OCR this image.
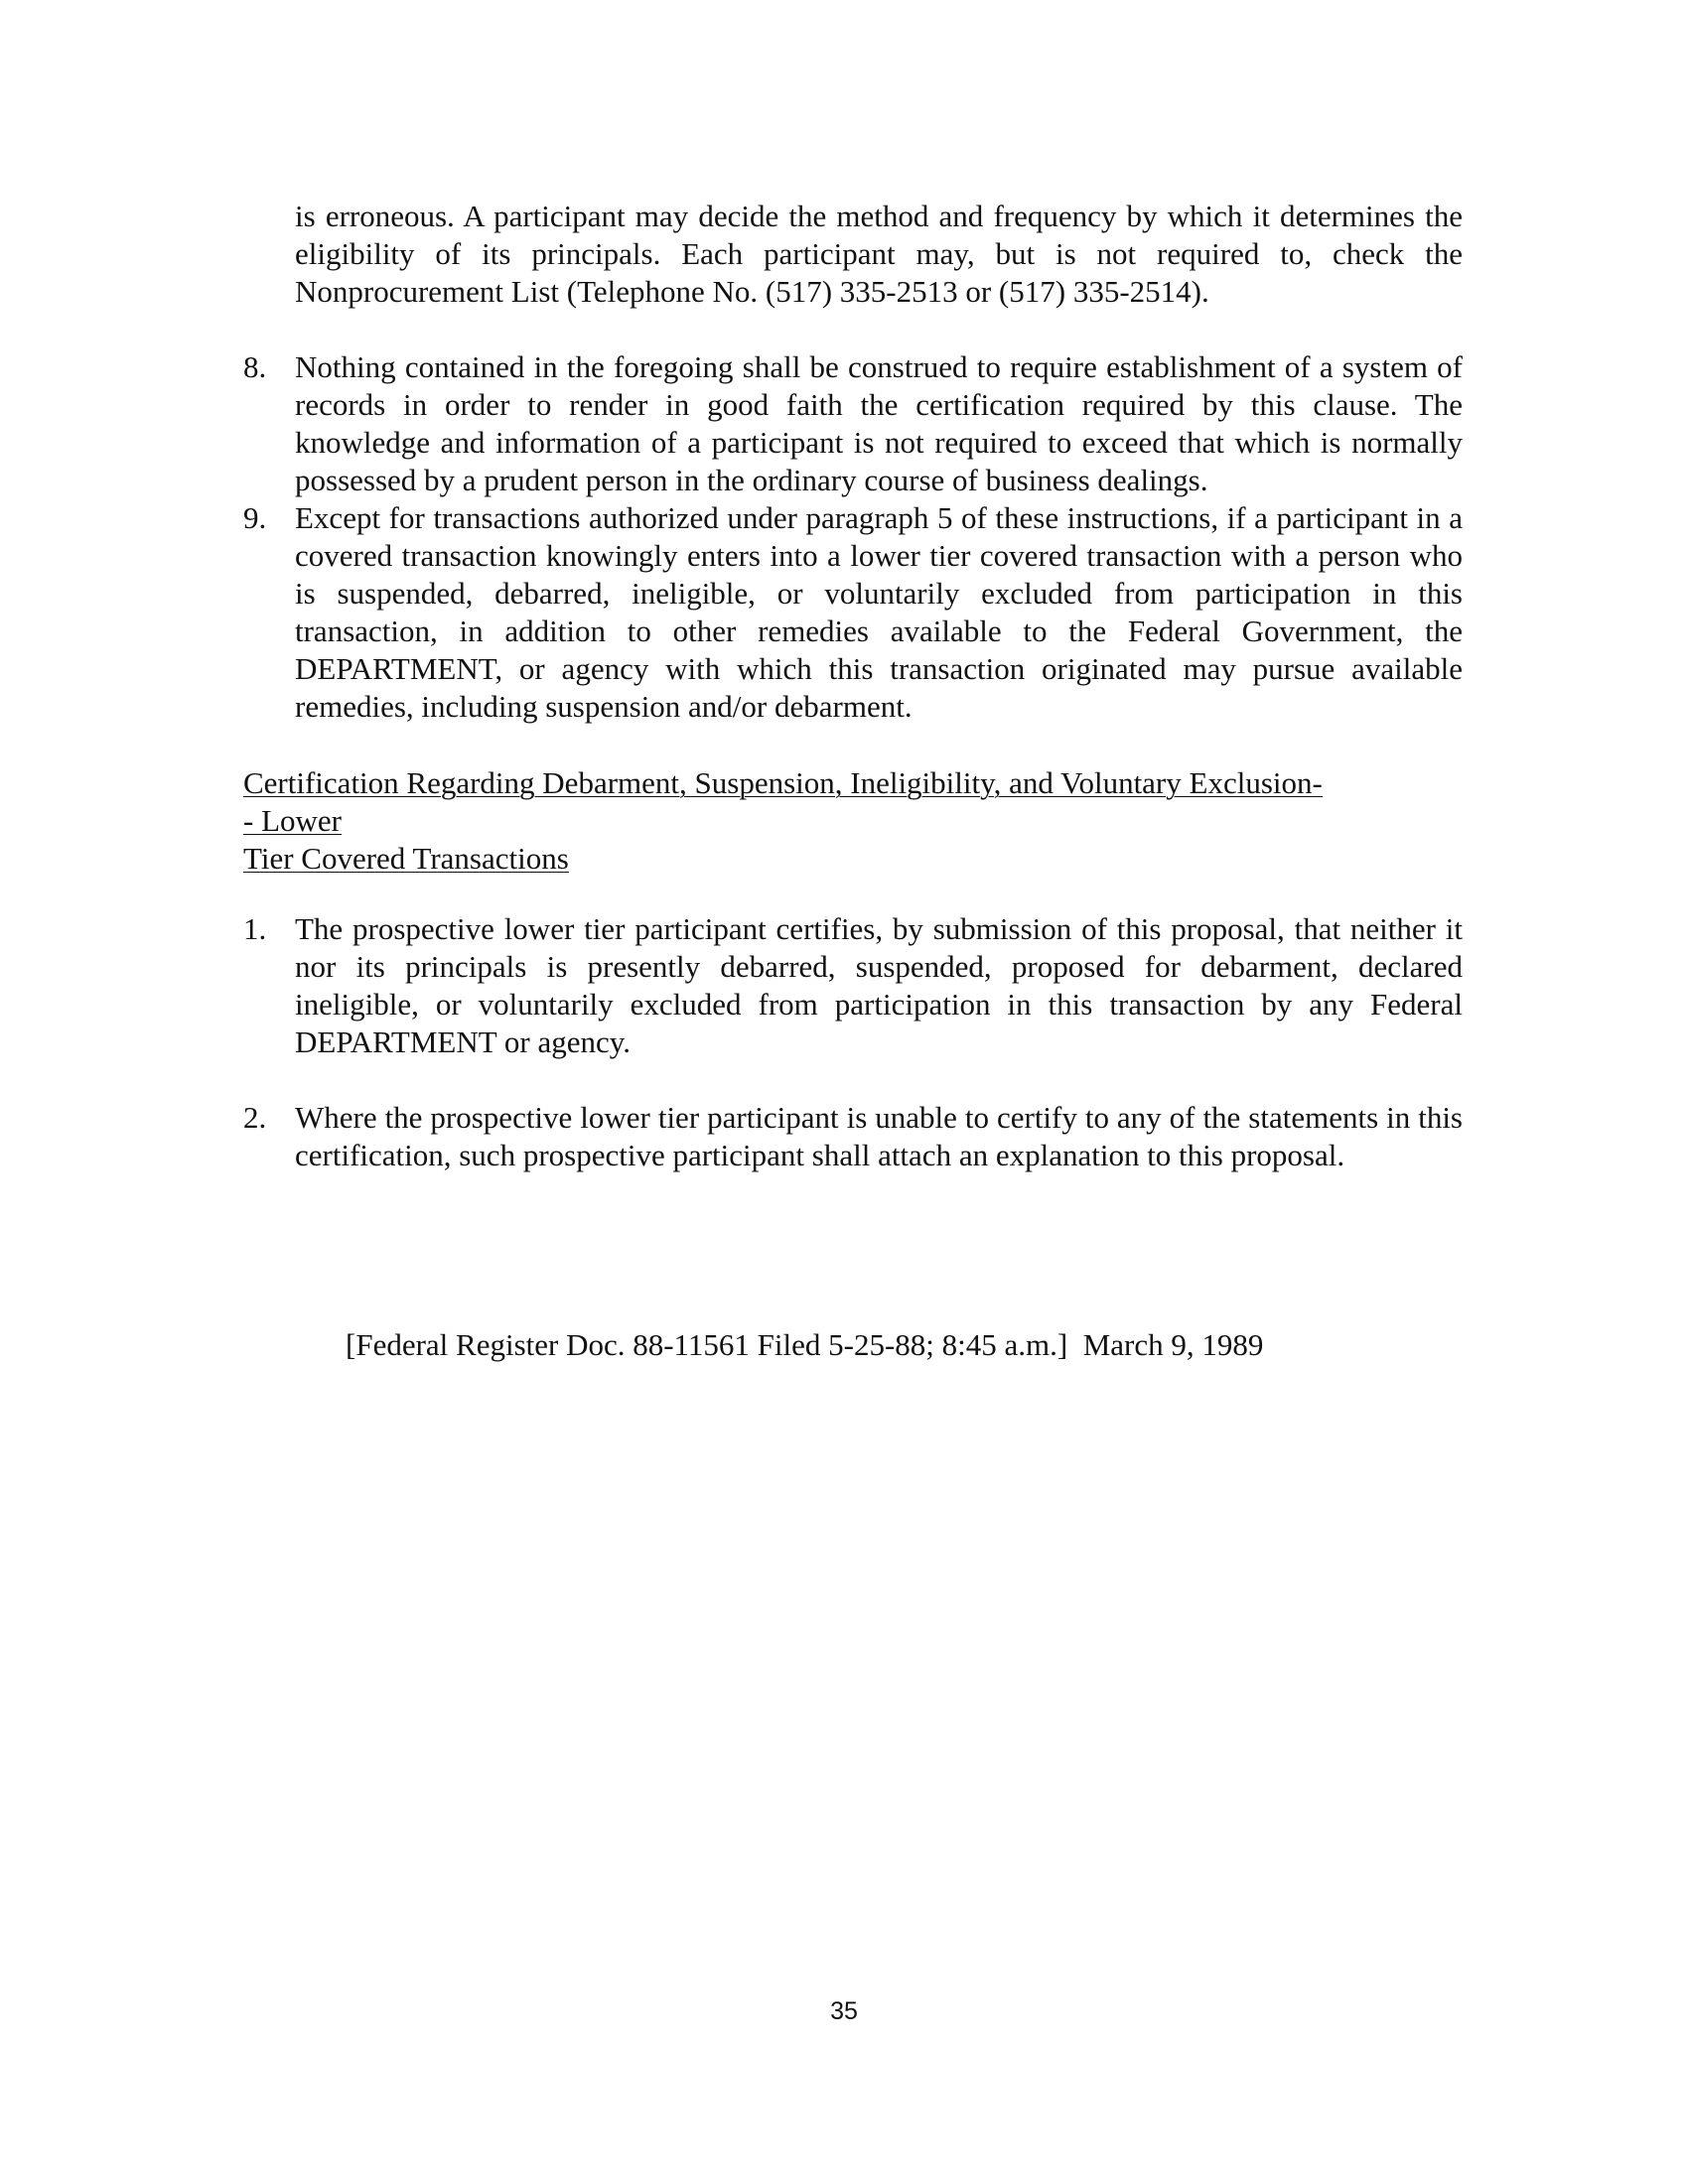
is erroneous. A participant may decide the method and frequency by which it determines the eligibility of its principals. Each participant may, but is not required to, check the Nonprocurement List (Telephone No. (517) 335-2513 or (517) 335-2514).

8. Nothing contained in the foregoing shall be construed to require establishment of a system of records in order to render in good faith the certification required by this clause. The knowledge and information of a participant is not required to exceed that which is normally possessed by a prudent person in the ordinary course of business dealings.
9. Except for transactions authorized under paragraph 5 of these instructions, if a participant in a covered transaction knowingly enters into a lower tier covered transaction with a person who is suspended, debarred, ineligible, or voluntarily excluded from participation in this transaction, in addition to other remedies available to the Federal Government, the DEPARTMENT, or agency with which this transaction originated may pursue available remedies, including suspension and/or debarment.
Certification Regarding Debarment, Suspension, Ineligibility, and Voluntary Exclusion-
- Lower
Tier Covered Transactions
1. The prospective lower tier participant certifies, by submission of this proposal, that neither it nor its principals is presently debarred, suspended, proposed for debarment, declared ineligible, or voluntarily excluded from participation in this transaction by any Federal DEPARTMENT or agency.
2. Where the prospective lower tier participant is unable to certify to any of the statements in this certification, such prospective participant shall attach an explanation to this proposal.
[Federal Register Doc. 88-11561 Filed 5-25-88; 8:45 a.m.]  March 9, 1989
35
